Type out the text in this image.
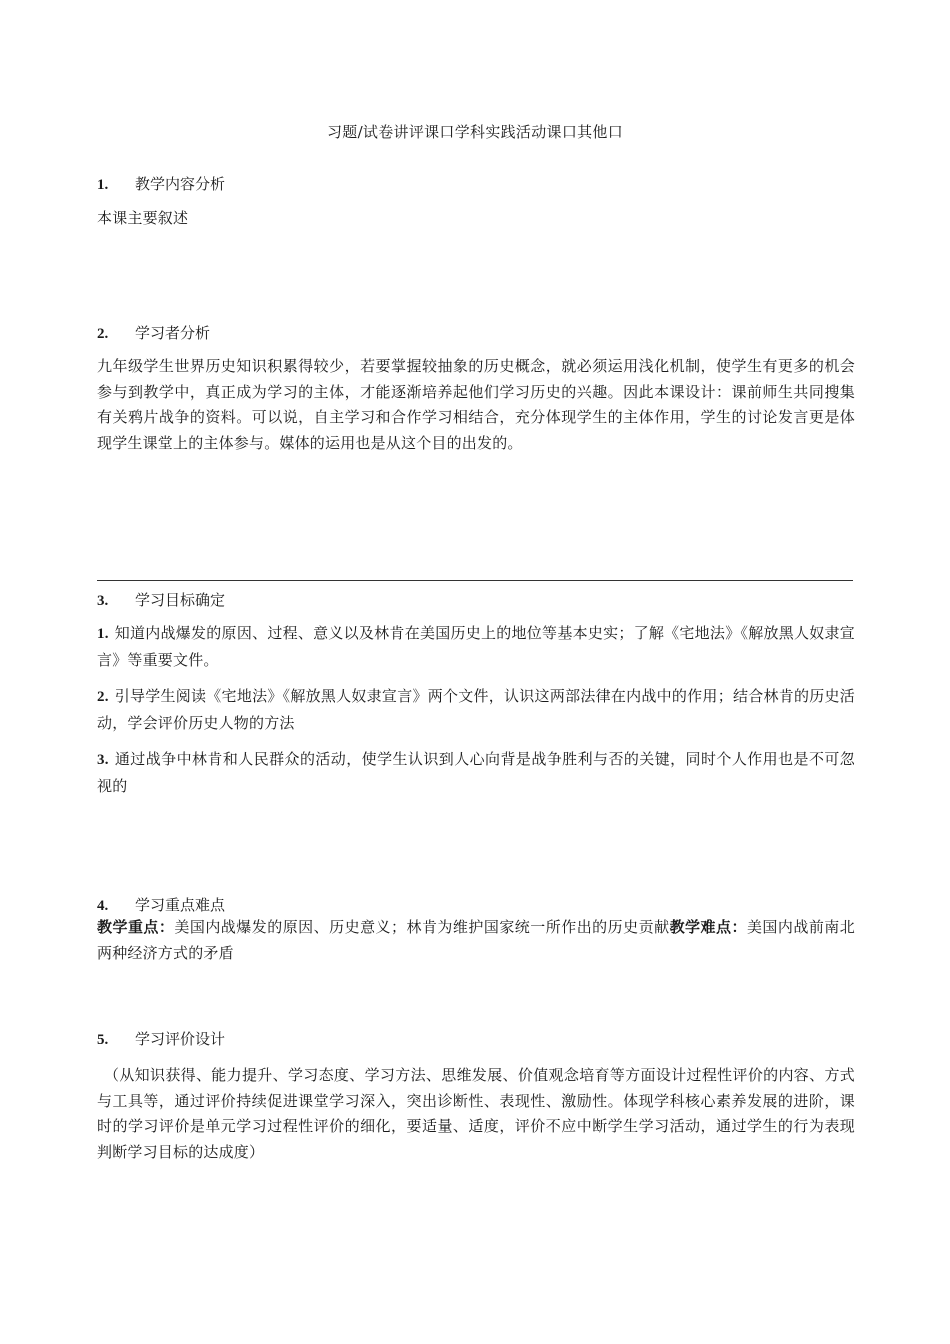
习题/试卷讲评课口学科实践活动课口其他口
1. 教学内容分析
本课主要叙述
2. 学习者分析
九年级学生世界历史知识积累得较少，若要掌握较抽象的历史概念，就必须运用浅化机制，使学生有更多的机会参与到教学中，真正成为学习的主体，才能逐渐培养起他们学习历史的兴趣。因此本课设计：课前师生共同搜集有关鸦片战争的资料。可以说，自主学习和合作学习相结合，充分体现学生的主体作用，学生的讨论发言更是体现学生课堂上的主体参与。媒体的运用也是从这个目的出发的。
3. 学习目标确定
1. 知道内战爆发的原因、过程、意义以及林肯在美国历史上的地位等基本史实；了解《宅地法》《解放黑人奴隶宣言》等重要文件。
2. 引导学生阅读《宅地法》《解放黑人奴隶宣言》两个文件，认识这两部法律在内战中的作用；结合林肯的历史活动，学会评价历史人物的方法
3. 通过战争中林肯和人民群众的活动，使学生认识到人心向背是战争胜利与否的关键，同时个人作用也是不可忽视的
4. 学习重点难点
教学重点：美国内战爆发的原因、历史意义；林肯为维护国家统一所作出的历史贡献教学难点：美国内战前南北两种经济方式的矛盾
5. 学习评价设计
（从知识获得、能力提升、学习态度、学习方法、思维发展、价值观念培育等方面设计过程性评价的内容、方式与工具等，通过评价持续促进课堂学习深入，突出诊断性、表现性、激励性。体现学科核心素养发展的进阶，课时的学习评价是单元学习过程性评价的细化，要适量、适度，评价不应中断学生学习活动，通过学生的行为表现判断学习目标的达成度）
